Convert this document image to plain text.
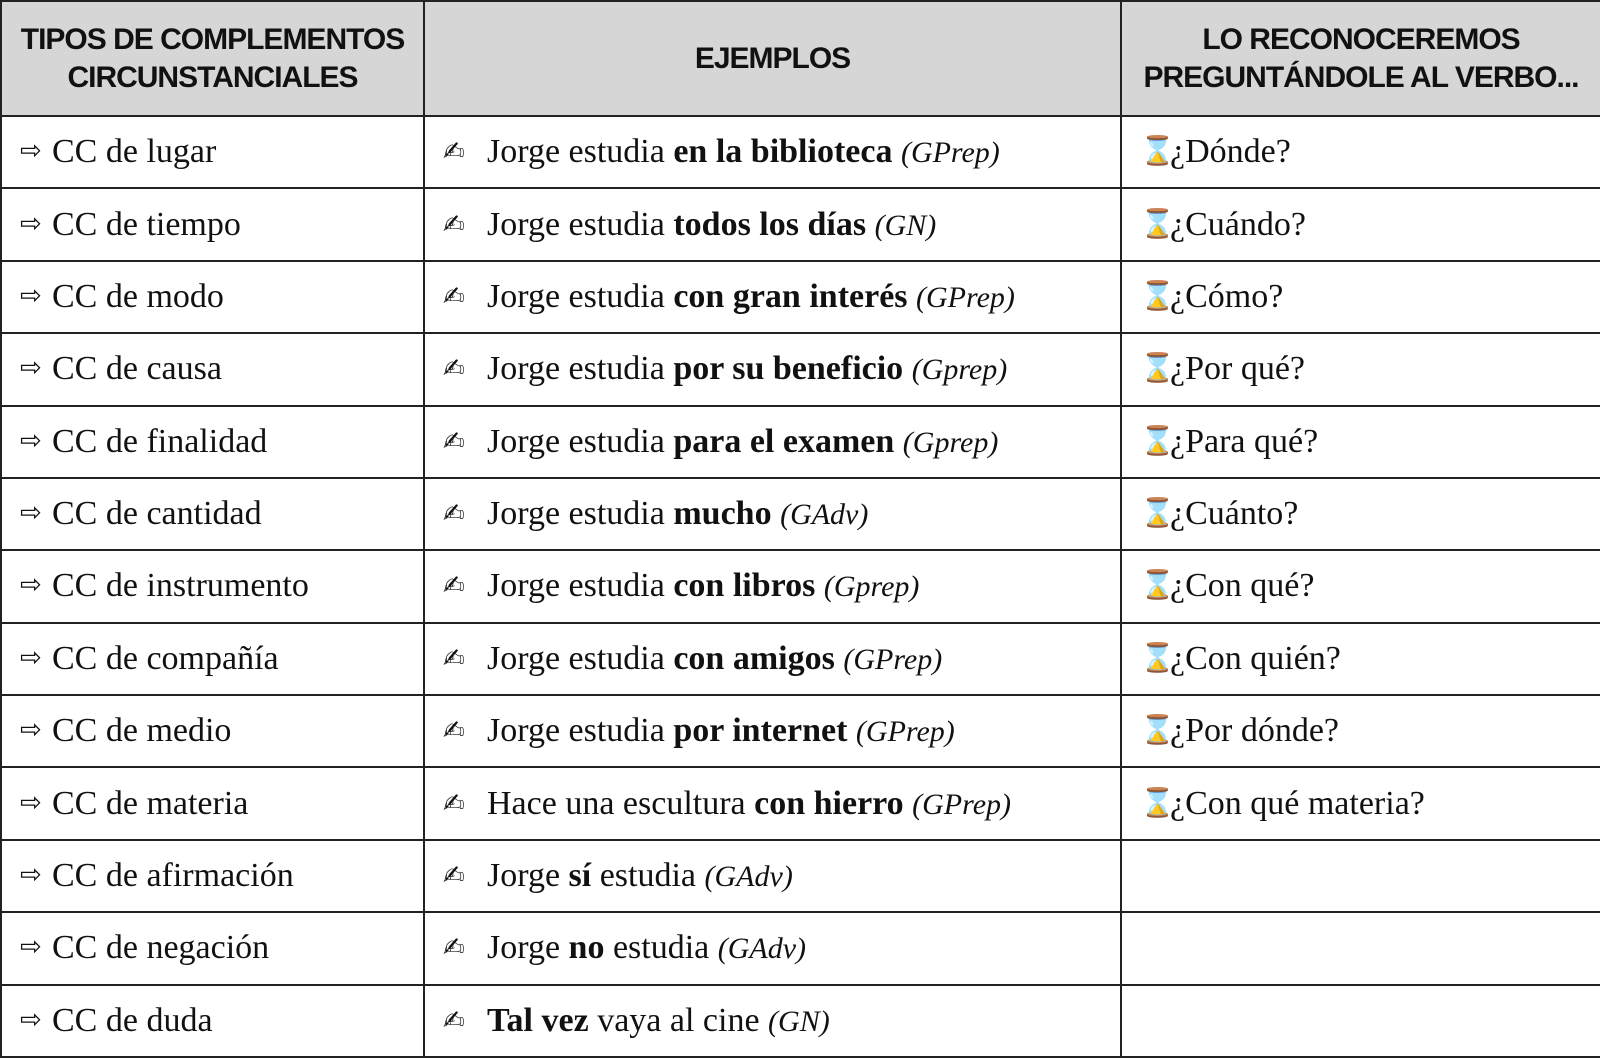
TIPOS DE COMPLEMENTOS CIRCUNSTANCIALES	EJEMPLOS	LO RECONOCEREMOS PREGUNTÁNDOLE AL VERBO...
⇨ CC de lugar	✍ Jorge estudia en la biblioteca (GPrep)	⌛¿Dónde?
⇨ CC de tiempo	✍ Jorge estudia todos los días (GN)	⌛¿Cuándo?
⇨ CC de modo	✍ Jorge estudia con gran interés (GPrep)	⌛¿Cómo?
⇨ CC de causa	✍ Jorge estudia por su beneficio (Gprep)	⌛¿Por qué?
⇨ CC de finalidad	✍ Jorge estudia para el examen (Gprep)	⌛¿Para qué?
⇨ CC de cantidad	✍ Jorge estudia mucho (GAdv)	⌛¿Cuánto?
⇨ CC de instrumento	✍ Jorge estudia con libros (Gprep)	⌛¿Con qué?
⇨ CC de compañía	✍ Jorge estudia con amigos (GPrep)	⌛¿Con quién?
⇨ CC de medio	✍ Jorge estudia por internet (GPrep)	⌛¿Por dónde?
⇨ CC de materia	✍ Hace una escultura con hierro (GPrep)	⌛¿Con qué materia?
⇨ CC de afirmación	✍ Jorge sí estudia (GAdv)	
⇨ CC de negación	✍ Jorge no estudia (GAdv)	
⇨ CC de duda	✍ Tal vez vaya al cine (GN)	
